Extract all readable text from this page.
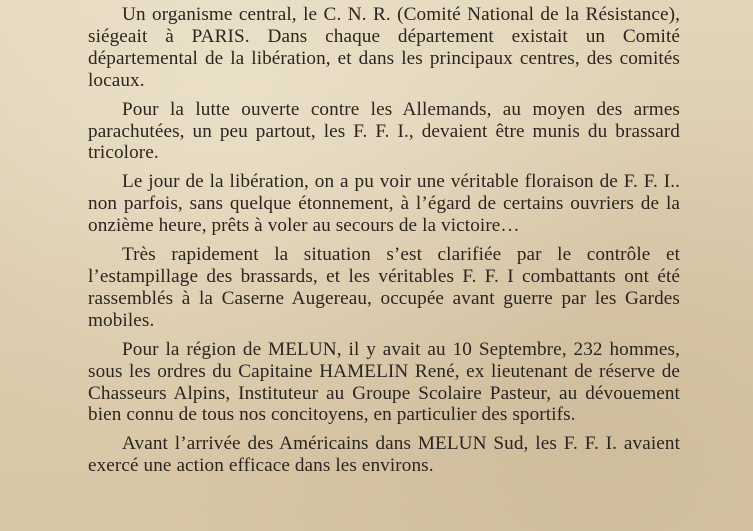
Un organisme central, le C. N. R. (Comité National de la Résistance), siégeait à PARIS. Dans chaque département existait un Comité départemental de la libération, et dans les principaux centres, des comités locaux.

Pour la lutte ouverte contre les Allemands, au moyen des armes parachutées, un peu partout, les F. F. I., devaient être munis du brassard tricolore.

Le jour de la libération, on a pu voir une véritable floraison de F. F. I.. non parfois, sans quelque étonnement, à l’égard de certains ouvriers de la onzième heure, prêts à voler au secours de la victoire…

Très rapidement la situation s’est clarifiée par le contrôle et l’estampillage des brassards, et les véritables F. F. I combattants ont été rassemblés à la Caserne Augereau, occupée avant guerre par les Gardes mobiles.

Pour la région de MELUN, il y avait au 10 Septembre, 232 hommes, sous les ordres du Capitaine HAMELIN René, ex lieutenant de réserve de Chasseurs Alpins, Instituteur au Groupe Scolaire Pasteur, au dévouement bien connu de tous nos concitoyens, en particulier des sportifs.

Avant l’arrivée des Américains dans MELUN Sud, les F. F. I. avaient exercé une action efficace dans les environs.
